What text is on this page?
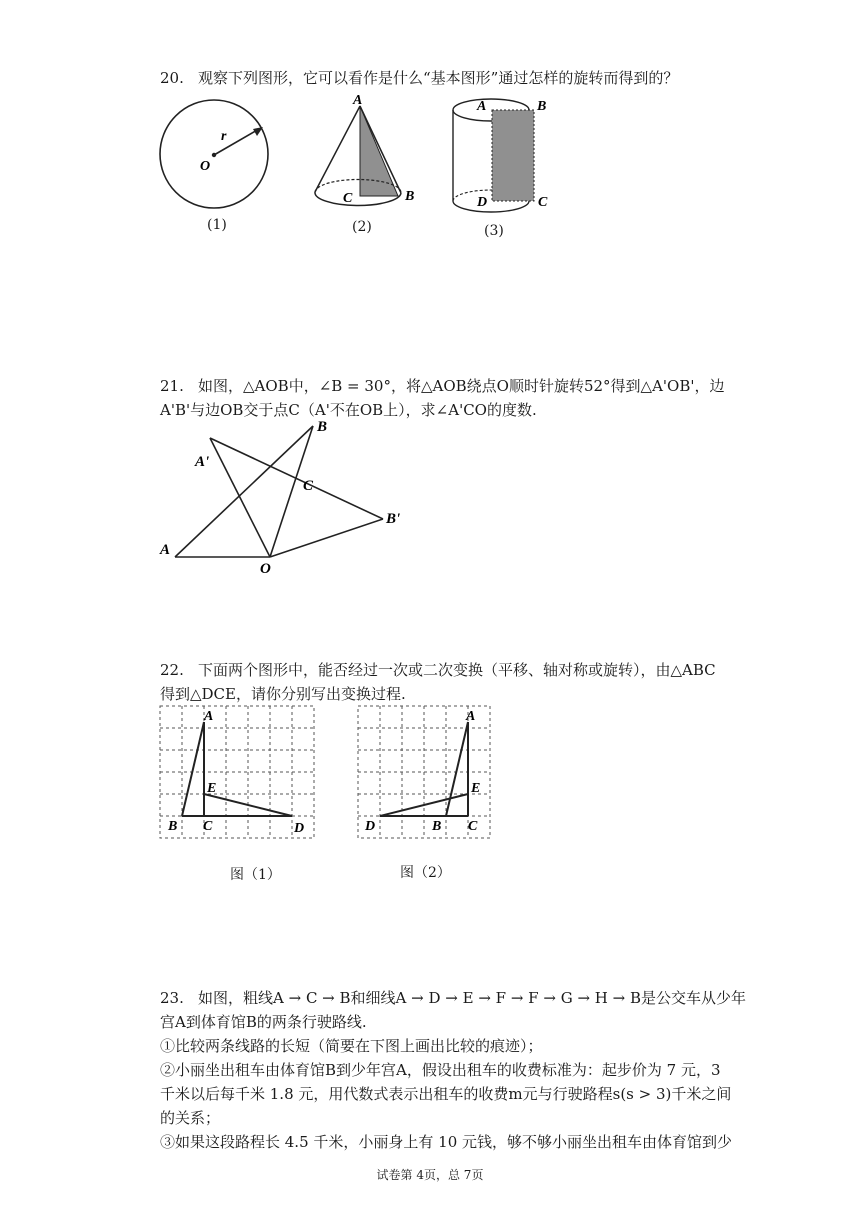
20. 观察下列图形，它可以看作是什么“基本图形”通过怎样的旋转而得到的？
r
O
A
B
C
A	B
C
D
(1)	(2)	(3)
21. 如图，△AOB中，∠B = 30°，将△AOB绕点O顺时针旋转52°得到△A'OB'，边
A'B'与边OB交于点C（A'不在OB上），求∠A'CO的度数.
A
A'
B
B'
C
O
22. 下面两个图形中，能否经过一次或二次变换（平移、轴对称或旋转），由△ABC
得到△DCE，请你分别写出变换过程.
A
B C	D
E
A
B C
D
E
图（1）	图（2）
23. 如图，粗线A → C → B和细线A → D → E → F → F → G → H → B是公交车从少年
宫A到体育馆B的两条行驶路线.
①比较两条线路的长短（简要在下图上画出比较的痕迹）；
②小丽坐出租车由体育馆B到少年宫A，假设出租车的收费标准为：起步价为 7 元，3
千米以后每千米 1.8 元，用代数式表示出租车的收费m元与行驶路程s(s > 3)千米之间
的关系；
③如果这段路程长 4.5 千米，小丽身上有 10 元钱，够不够小丽坐出租车由体育馆到少
试卷第 4页，总 7页
